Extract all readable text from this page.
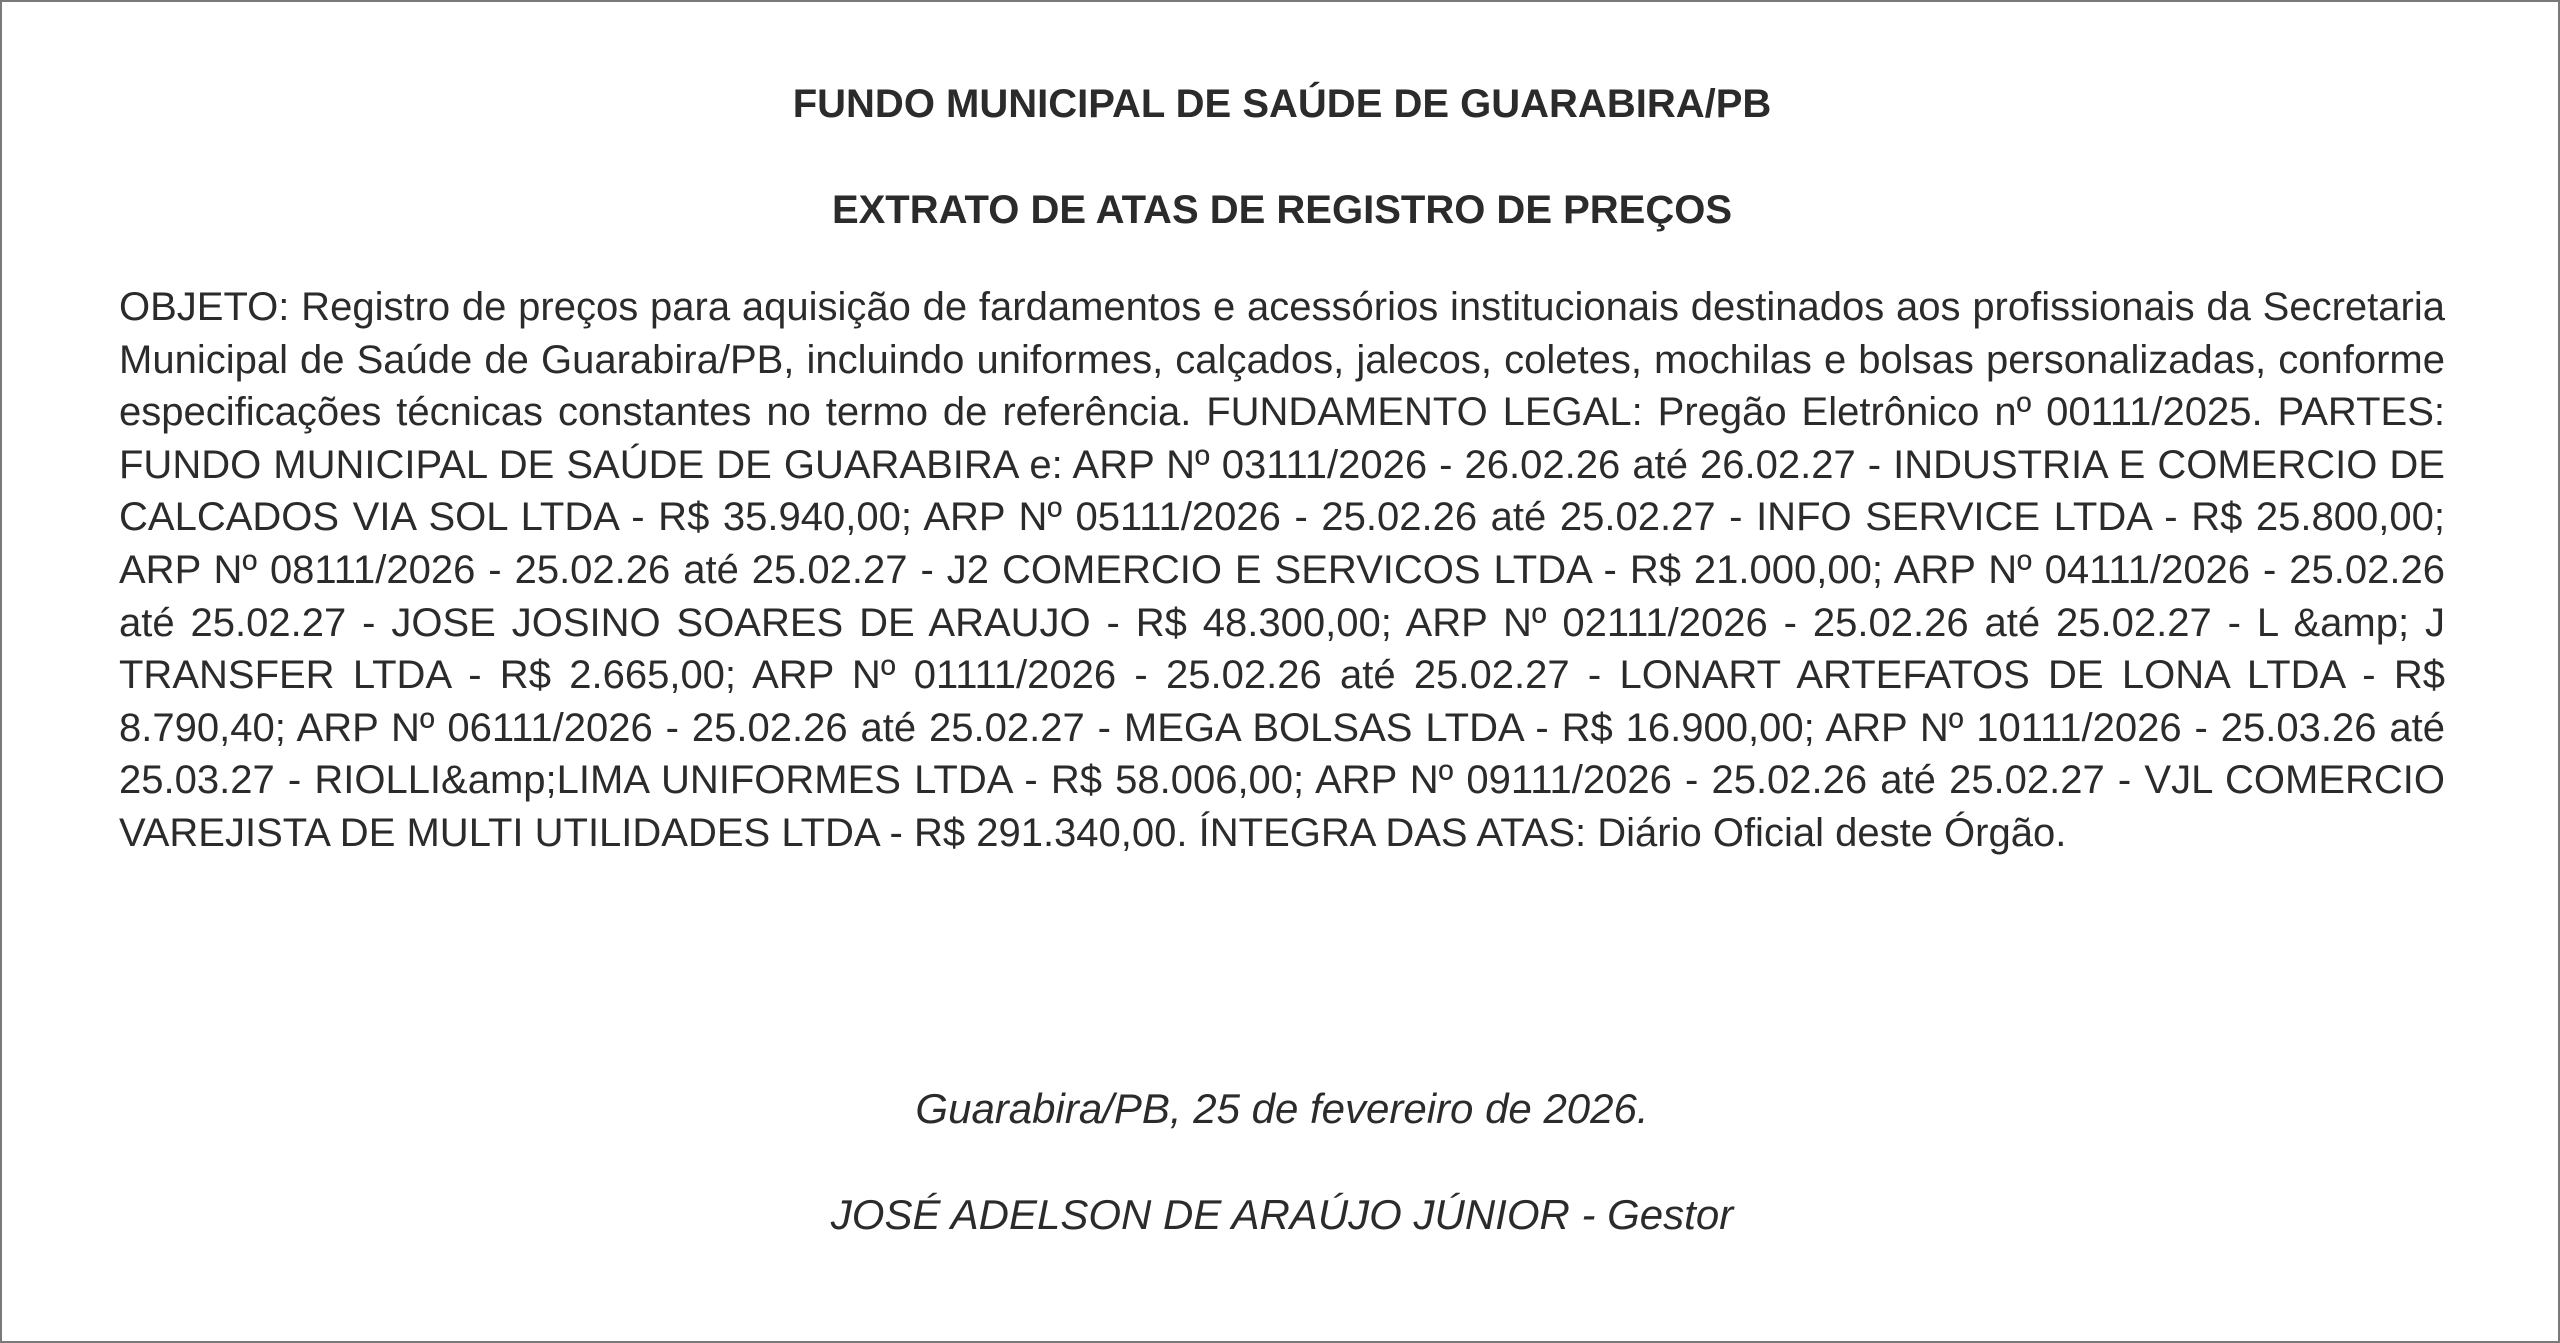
FUNDO MUNICIPAL DE SAÚDE DE GUARABIRA/PB
EXTRATO DE ATAS DE REGISTRO DE PREÇOS

OBJETO: Registro de preços para aquisição de fardamentos e acessórios institucionais destinados aos profissionais da Secretaria Municipal de Saúde de Guarabira/PB, incluindo uniformes, calçados, jalecos, coletes, mochilas e bolsas personalizadas, conforme especificações técnicas constantes no termo de referência. FUNDAMENTO LEGAL: Pregão Eletrônico nº 00111/2025. PARTES: FUNDO MUNICIPAL DE SAÚDE DE GUARABIRA e: ARP Nº 03111/2026 - 26.02.26 até 26.02.27 - INDUSTRIA E COMERCIO DE CALCADOS VIA SOL LTDA - R$ 35.940,00; ARP Nº 05111/2026 - 25.02.26 até 25.02.27 - INFO SERVICE LTDA - R$ 25.800,00; ARP Nº 08111/2026 - 25.02.26 até 25.02.27 - J2 COMERCIO E SERVICOS LTDA - R$ 21.000,00; ARP Nº 04111/2026 - 25.02.26 até 25.02.27 - JOSE JOSINO SOARES DE ARAUJO - R$ 48.300,00; ARP Nº 02111/2026 - 25.02.26 até 25.02.27 - L &amp; J TRANSFER LTDA - R$ 2.665,00; ARP Nº 01111/2026 - 25.02.26 até 25.02.27 - LONART ARTEFATOS DE LONA LTDA - R$ 8.790,40; ARP Nº 06111/2026 - 25.02.26 até 25.02.27 - MEGA BOLSAS LTDA - R$ 16.900,00; ARP Nº 10111/2026 - 25.03.26 até 25.03.27 - RIOLLI&amp;LIMA UNIFORMES LTDA - R$ 58.006,00; ARP Nº 09111/2026 - 25.02.26 até 25.02.27 - VJL COMERCIO VAREJISTA DE MULTI UTILIDADES LTDA - R$ 291.340,00. ÍNTEGRA DAS ATAS: Diário Oficial deste Órgão.

Guarabira/PB, 25 de fevereiro de 2026.
JOSÉ ADELSON DE ARAÚJO JÚNIOR - Gestor
